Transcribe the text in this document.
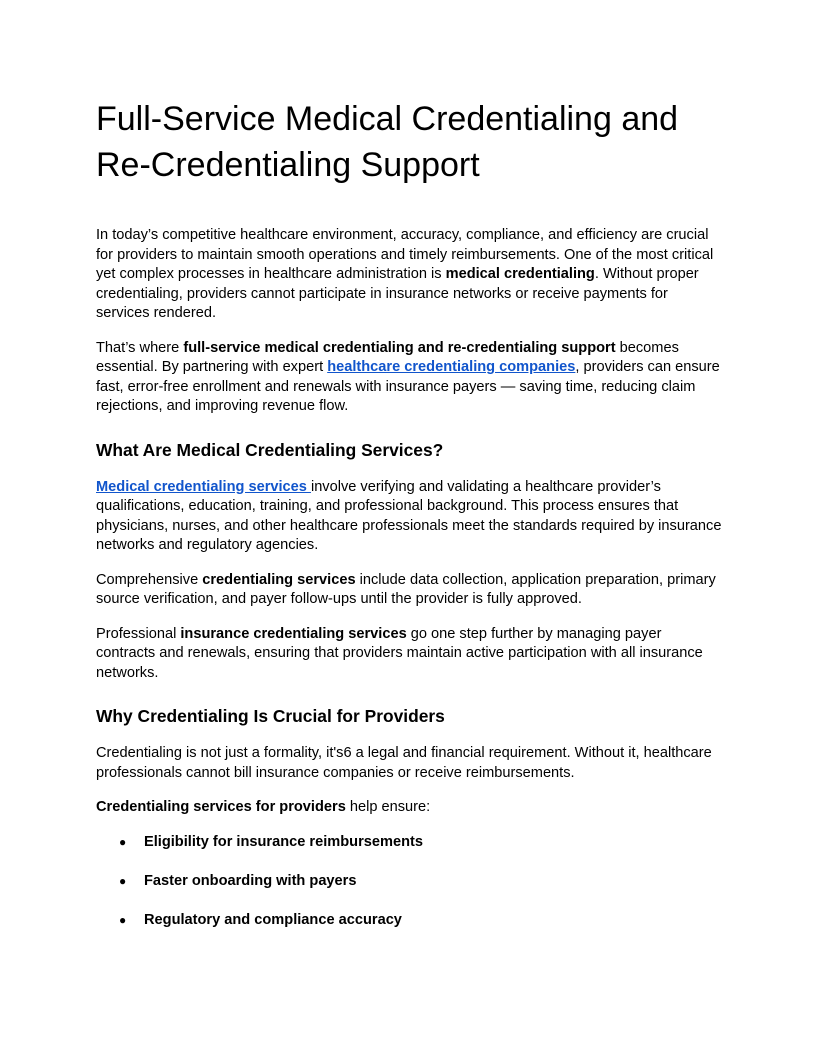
Full-Service Medical Credentialing and
Re-Credentialing Support

In today’s competitive healthcare environment, accuracy, compliance, and efficiency are crucial for providers to maintain smooth operations and timely reimbursements. One of the most critical yet complex processes in healthcare administration is medical credentialing. Without proper credentialing, providers cannot participate in insurance networks or receive payments for services rendered.

That’s where full-service medical credentialing and re-credentialing support becomes essential. By partnering with expert healthcare credentialing companies, providers can ensure fast, error-free enrollment and renewals with insurance payers — saving time, reducing claim rejections, and improving revenue flow.

What Are Medical Credentialing Services?

Medical credentialing services involve verifying and validating a healthcare provider’s qualifications, education, training, and professional background. This process ensures that physicians, nurses, and other healthcare professionals meet the standards required by insurance networks and regulatory agencies.

Comprehensive credentialing services include data collection, application preparation, primary source verification, and payer follow-ups until the provider is fully approved.

Professional insurance credentialing services go one step further by managing payer contracts and renewals, ensuring that providers maintain active participation with all insurance networks.

Why Credentialing Is Crucial for Providers

Credentialing is not just a formality, it's6 a legal and financial requirement. Without it, healthcare professionals cannot bill insurance companies or receive reimbursements.

Credentialing services for providers help ensure:

● Eligibility for insurance reimbursements
● Faster onboarding with payers
● Regulatory and compliance accuracy
